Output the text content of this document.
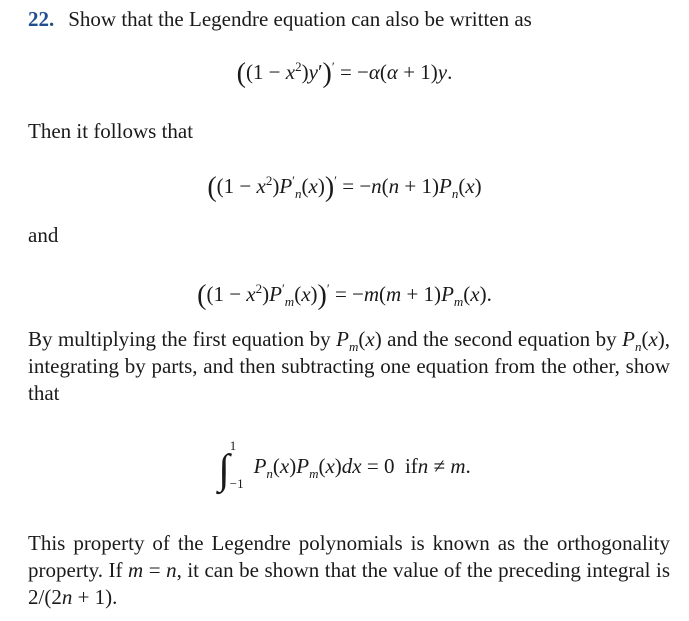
22. Show that the Legendre equation can also be written as

$((1 - x^2)y')' = -\alpha(\alpha + 1)y$.

Then it follows that

$((1 - x^2)P'_n(x))' = -n(n + 1)P_n(x)$

and

$((1 - x^2)P'_m(x))' = -m(m + 1)P_m(x)$.

By multiplying the first equation by $P_m(x)$ and the second equation by $P_n(x)$, integrating by parts, and then subtracting one equation from the other, show that

∫
1
−1
$P_n(x)P_m(x)dx = 0$  ifn ≠ m.

This property of the Legendre polynomials is known as the orthogonality property. If m = n, it can be shown that the value of the preceding integral is 2/(2n + 1).
